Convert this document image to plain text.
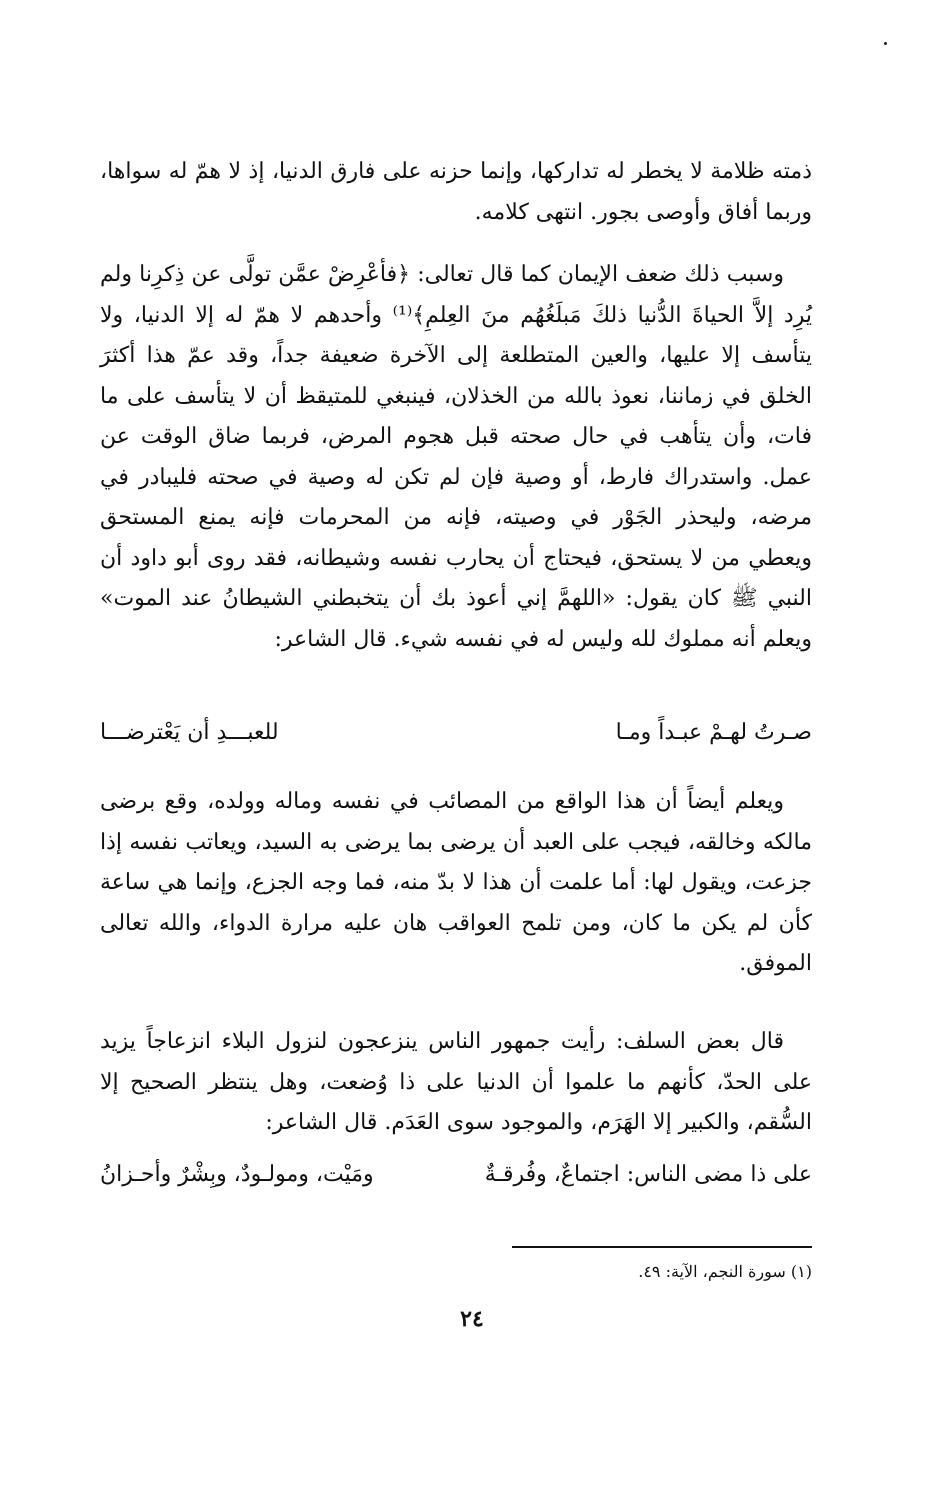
ذمته ظلامة لا يخطر له تداركها، وإنما حزنه على فارق الدنيا، إذ لا همّ له سواها، وربما أفاق وأوصى بجور. انتهى كلامه.

وسبب ذلك ضعف الإيمان كما قال تعالى: ﴿فأعْرِضْ عمَّن تولَّى عن ذِكرِنا ولم يُرِد إلاَّ الحياةَ الدُّنيا ذلكَ مَبلَغُهُم منَ العِلمِ﴾⁽¹⁾ وأحدهم لا همّ له إلا الدنيا، ولا يتأسف إلا عليها، والعين المتطلعة إلى الآخرة ضعيفة جداً، وقد عمّ هذا أكثرَ الخلق في زماننا، نعوذ بالله من الخذلان، فينبغي للمتيقظ أن لا يتأسف على ما فات، وأن يتأهب في حال صحته قبل هجوم المرض، فربما ضاق الوقت عن عمل. واستدراك فارط، أو وصية فإن لم تكن له وصية في صحته فليبادر في مرضه، وليحذر الجَوْر في وصيته، فإنه من المحرمات فإنه يمنع المستحق ويعطي من لا يستحق، فيحتاج أن يحارب نفسه وشيطانه، فقد روى أبو داود أن النبي ﷺ كان يقول: «اللهمَّ إني أعوذ بك أن يتخبطني الشيطانُ عند الموت» ويعلم أنه مملوك لله وليس له في نفسه شيء. قال الشاعر:

صـرتُ لهـمْ عبـداً ومـا
للعبـــدِ أن يَعْترضـــا

ويعلم أيضاً أن هذا الواقع من المصائب في نفسه وماله وولده، وقع برضى مالكه وخالقه، فيجب على العبد أن يرضى بما يرضى به السيد، ويعاتب نفسه إذا جزعت، ويقول لها: أما علمت أن هذا لا بدّ منه، فما وجه الجزع، وإنما هي ساعة كأن لم يكن ما كان، ومن تلمح العواقب هان عليه مرارة الدواء، والله تعالى الموفق.

قال بعض السلف: رأيت جمهور الناس ينزعجون لنزول البلاء انزعاجاً يزيد على الحدّ، كأنهم ما علموا أن الدنيا على ذا وُضعت، وهل ينتظر الصحيح إلا السُّقم، والكبير إلا الهَرَم، والموجود سوى العَدَم. قال الشاعر:

على ذا مضى الناس: اجتماعٌ، وفُرقـةٌ
ومَيْت، ومولـودٌ، وبِشْرٌ وأحـزانُ
(١) سورة النجم، الآية: ٤٩.
٢٤
